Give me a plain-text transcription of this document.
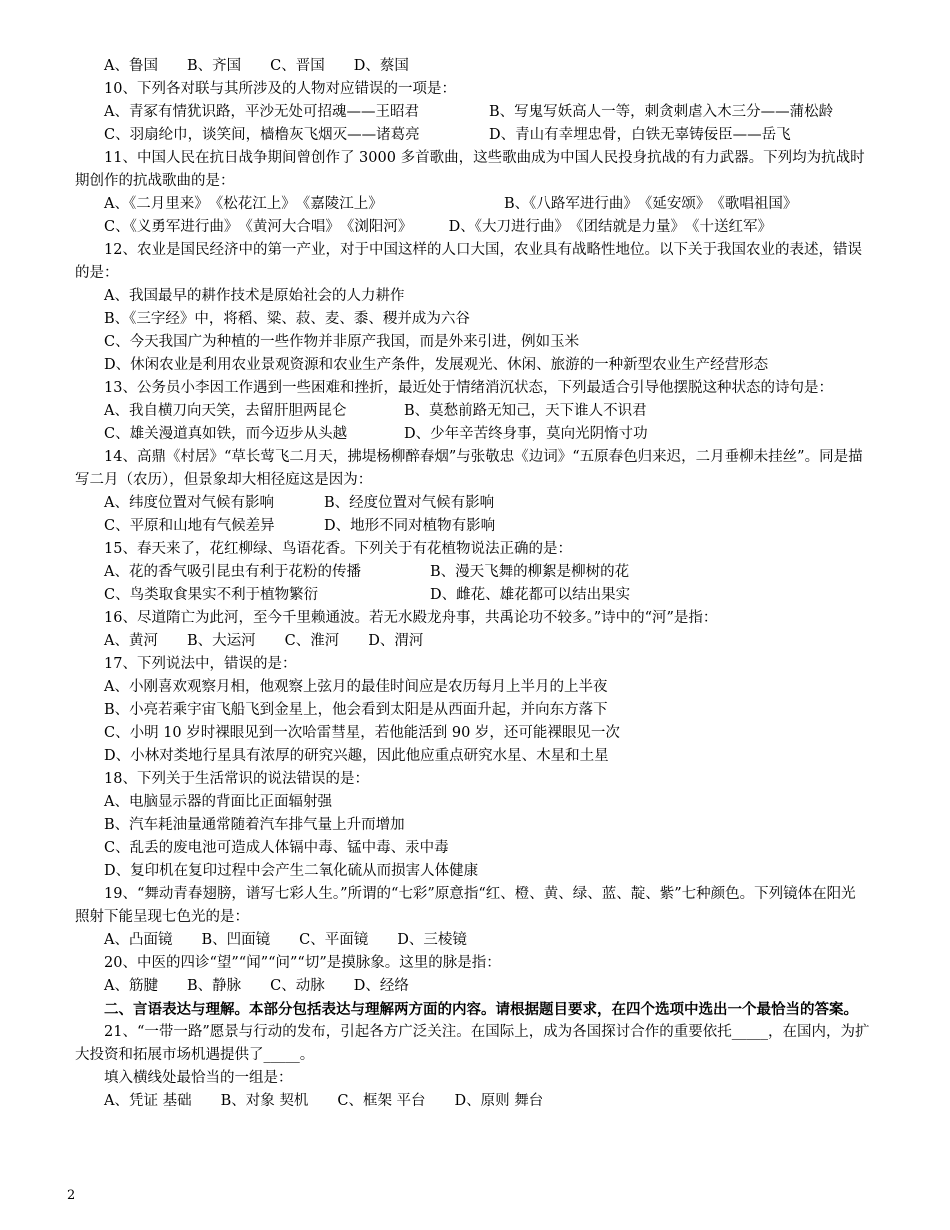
A、鲁国　　B、齐国　　C、晋国　　D、蔡国
10、下列各对联与其所涉及的人物对应错误的一项是：
A、青冢有情犹识路，平沙无处可招魂——王昭君	B、写鬼写妖高人一等，刺贪刺虐入木三分——蒲松龄
C、羽扇纶巾，谈笑间，樯橹灰飞烟灭——诸葛亮	D、青山有幸埋忠骨，白铁无辜铸佞臣——岳飞
11、中国人民在抗日战争期间曾创作了 3000 多首歌曲，这些歌曲成为中国人民投身抗战的有力武器。下列均为抗战时期创作的抗战歌曲的是：
A、《二月里来》　《松花江上》　《嘉陵江上》	B、《八路军进行曲》　《延安颂》　《歌唱祖国》
C、《义勇军进行曲》　《黄河大合唱》　《浏阳河》　　　D、《大刀进行曲》　《团结就是力量》　《十送红军》
12、农业是国民经济中的第一产业，对于中国这样的人口大国，农业具有战略性地位。以下关于我国农业的表述，错误的是：
A、我国最早的耕作技术是原始社会的人力耕作
B、《三字经》中，将稻、粱、菽、麦、黍、稷并成为六谷
C、今天我国广为种植的一些作物并非原产我国，而是外来引进，例如玉米
D、休闲农业是利用农业景观资源和农业生产条件，发展观光、休闲、旅游的一种新型农业生产经营形态
13、公务员小李因工作遇到一些困难和挫折，最近处于情绪消沉状态，下列最适合引导他摆脱这种状态的诗句是：
A、我自横刀向天笑，去留肝胆两昆仑	B、莫愁前路无知己，天下谁人不识君
C、雄关漫道真如铁，而今迈步从头越	D、少年辛苦终身事，莫向光阴惰寸功
14、高鼎《村居》“草长莺飞二月天，拂堤杨柳醉春烟”与张敬忠《边词》“五原春色归来迟，二月垂柳未挂丝”。同是描写二月（农历），但景象却大相径庭这是因为：
A、纬度位置对气候有影响	B、经度位置对气候有影响
C、平原和山地有气候差异	D、地形不同对植物有影响
15、春天来了，花红柳绿、鸟语花香。下列关于有花植物说法正确的是：
A、花的香气吸引昆虫有利于花粉的传播	B、漫天飞舞的柳絮是柳树的花
C、鸟类取食果实不利于植物繁衍	D、雌花、雄花都可以结出果实
16、尽道隋亡为此河，至今千里赖通波。若无水殿龙舟事，共禹论功不较多。”诗中的“河”是指：
A、黄河　　B、大运河　　C、淮河　　D、渭河
17、下列说法中，错误的是：
A、小刚喜欢观察月相，他观察上弦月的最佳时间应是农历每月上半月的上半夜
B、小亮若乘宇宙飞船飞到金星上，他会看到太阳是从西面升起，并向东方落下
C、小明 10 岁时裸眼见到一次哈雷彗星，若他能活到 90 岁，还可能裸眼见一次
D、小林对类地行星具有浓厚的研究兴趣，因此他应重点研究水星、木星和土星
18、下列关于生活常识的说法错误的是：
A、电脑显示器的背面比正面辐射强
B、汽车耗油量通常随着汽车排气量上升而增加
C、乱丢的废电池可造成人体镉中毒、锰中毒、汞中毒
D、复印机在复印过程中会产生二氧化硫从而损害人体健康
19、“舞动青春翅膀，谱写七彩人生。”所谓的“七彩”原意指“红、橙、黄、绿、蓝、靛、紫”七种颜色。下列镜体在阳光照射下能呈现七色光的是：
A、凸面镜　　B、凹面镜　　C、平面镜　　D、三棱镜
20、中医的四诊“望”“闻”“问”“切”是摸脉象。这里的脉是指：
A、筋腱　　B、静脉　　C、动脉　　D、经络
二、言语表达与理解。本部分包括表达与理解两方面的内容。请根据题目要求，在四个选项中选出一个最恰当的答案。
21、“一带一路”愿景与行动的发布，引起各方广泛关注。在国际上，成为各国探讨合作的重要依托_____，在国内，为扩大投资和拓展市场机遇提供了_____。
填入横线处最恰当的一组是：
A、凭证 基础　　B、对象 契机　　C、框架 平台　　D、原则 舞台
2
